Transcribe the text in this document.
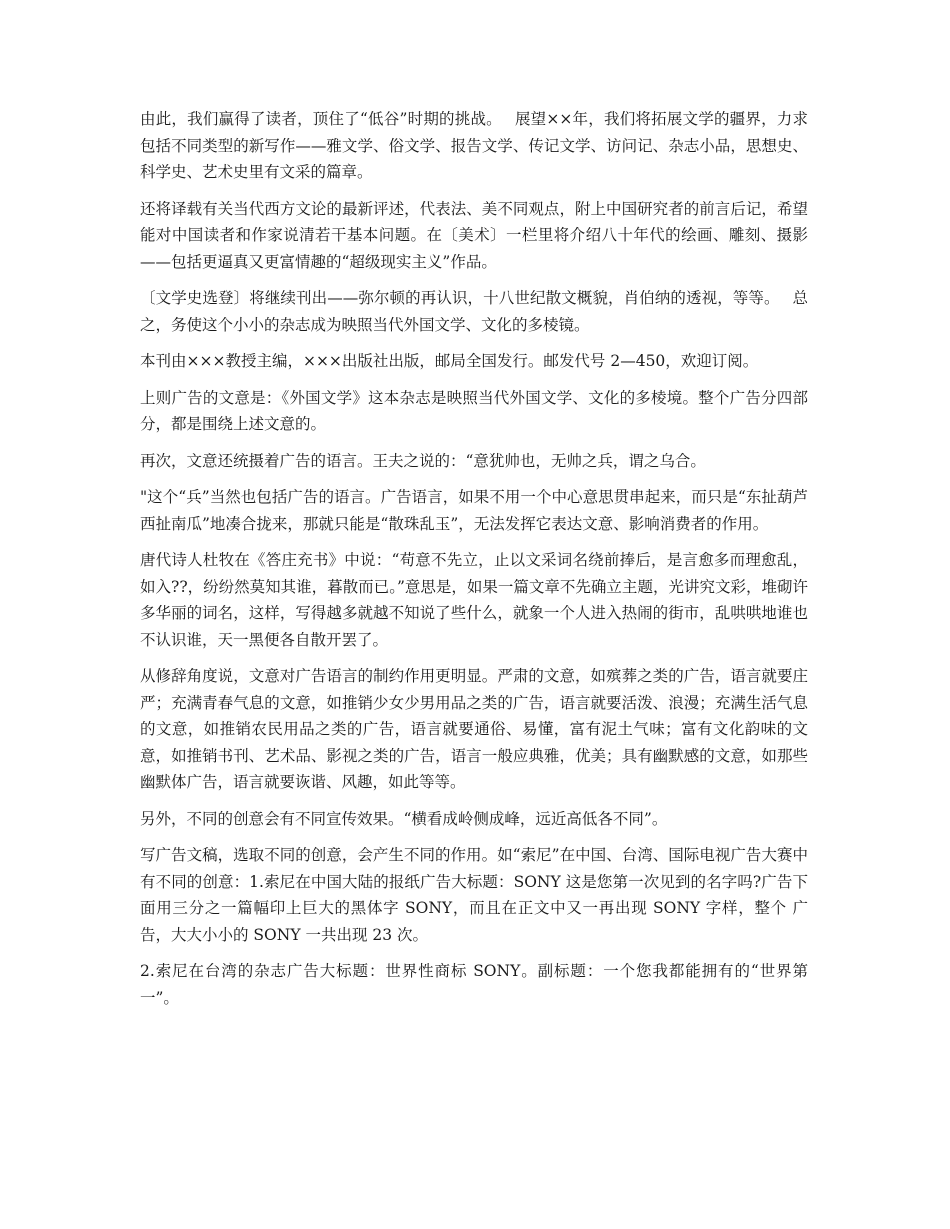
由此，我们赢得了读者，顶住了“低谷”时期的挑战。　 展望××年，我们将拓展文学的疆界，力求包括不同类型的新写作——雅文学、俗文学、报告文学、传记文学、访问记、杂志小品，思想史、科学史、艺术史里有文采的篇章。

还将译载有关当代西方文论的最新评述，代表法、美不同观点，附上中国研究者的前言后记，希望能对中国读者和作家说清若干基本问题。在〔美术〕一栏里将介绍八十年代的绘画、雕刻、摄影——包括更逼真又更富情趣的“超级现实主义”作品。

〔文学史选登〕将继续刊出——弥尔顿的再认识，十八世纪散文概貌，肖伯纳的透视，等等。　 总之，务使这个小小的杂志成为映照当代外国文学、文化的多棱镜。

本刊由×××教授主编，×××出版社出版，邮局全国发行。邮发代号 2—450，欢迎订阅。

上则广告的文意是：《外国文学》这本杂志是映照当代外国文学、文化的多棱境。整个广告分四部分，都是围绕上述文意的。

再次，文意还统摄着广告的语言。王夫之说的：“意犹帅也，无帅之兵，谓之乌合。

"这个“兵”当然也包括广告的语言。广告语言，如果不用一个中心意思贯串起来，而只是“东扯葫芦西扯南瓜”地凑合拢来，那就只能是“散珠乱玉”，无法发挥它表达文意、影响消费者的作用。

唐代诗人杜牧在《答庄充书》中说：“苟意不先立，止以文采词名绕前捧后，是言愈多而理愈乱，如入??，纷纷然莫知其谁，暮散而已。”意思是，如果一篇文章不先确立主题，光讲究文彩，堆砌许多华丽的词名，这样，写得越多就越不知说了些什么，就象一个人进入热闹的街市，乱哄哄地谁也不认识谁，天一黑便各自散开罢了。

从修辞角度说，文意对广告语言的制约作用更明显。严肃的文意，如殡葬之类的广告，语言就要庄严；充满青春气息的文意，如推销少女少男用品之类的广告，语言就要活泼、浪漫；充满生活气息的文意，如推销农民用品之类的广告，语言就要通俗、易懂，富有泥土气味；富有文化韵味的文意，如推销书刊、艺术品、影视之类的广告，语言一般应典雅，优美；具有幽默感的文意，如那些幽默体广告，语言就要诙谐、风趣，如此等等。

另外，不同的创意会有不同宣传效果。“横看成岭侧成峰，远近高低各不同”。

写广告文稿，选取不同的创意，会产生不同的作用。如“索尼”在中国、台湾、国际电视广告大赛中有不同的创意：1.索尼在中国大陆的报纸广告大标题：SONY 这是您第一次见到的名字吗?广告下面用三分之一篇幅印上巨大的黑体字 SONY，而且在正文中又一再出现 SONY 字样，整个 广告，大大小小的 SONY 一共出现 23 次。

2.索尼在台湾的杂志广告大标题：世界性商标 SONY。副标题：一个您我都能拥有的“世界第一”。
